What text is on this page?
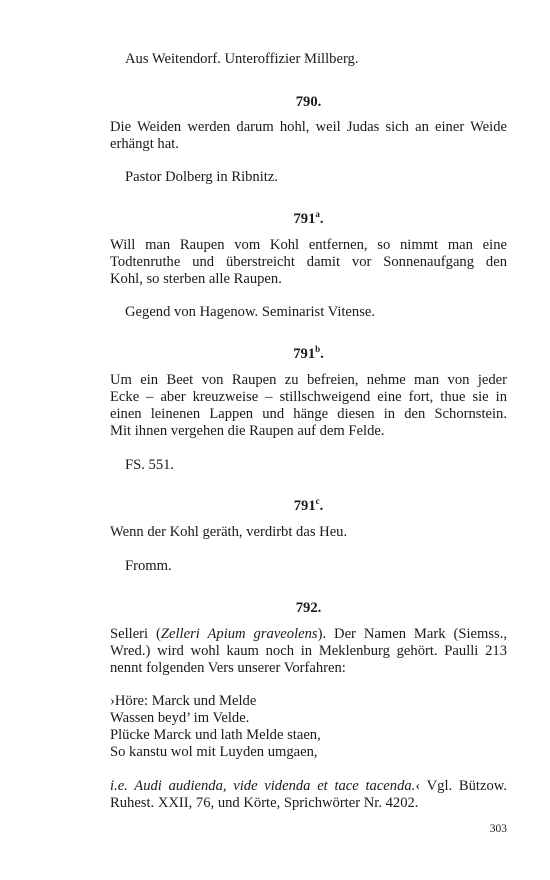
Aus Weitendorf. Unteroffizier Millberg.
790.
Die Weiden werden darum hohl, weil Judas sich an einer Weide
erhängt hat.
Pastor Dolberg in Ribnitz.
791$^a$.
Will man Raupen vom Kohl entfernen, so nimmt man eine
Todtenruthe und überstreicht damit vor Sonnenaufgang den
Kohl, so sterben alle Raupen.
Gegend von Hagenow. Seminarist Vitense.
791$^b$.
Um ein Beet von Raupen zu befreien, nehme man von jeder
Ecke – aber kreuzweise – stillschweigend eine fort, thue sie in
einen leinenen Lappen und hänge diesen in den Schornstein.
Mit ihnen vergehen die Raupen auf dem Felde.
FS. 551.
791$^c$.
Wenn der Kohl geräth, verdirbt das Heu.
Fromm.
792.
Selleri (Zelleri Apium graveolens). Der Namen Mark (Siemss.,
Wred.) wird wohl kaum noch in Meklenburg gehört. Paulli 213
nennt folgenden Vers unserer Vorfahren:
›Höre: Marck und Melde
Wassen beyd’ im Velde.
Plücke Marck und lath Melde staen,
So kanstu wol mit Luyden umgaen,
i.e. Audi audienda, vide videnda et tace tacenda.‹ Vgl. Bützow.
Ruhest. XXII, 76, und Körte, Sprichwörter Nr. 4202.
303
